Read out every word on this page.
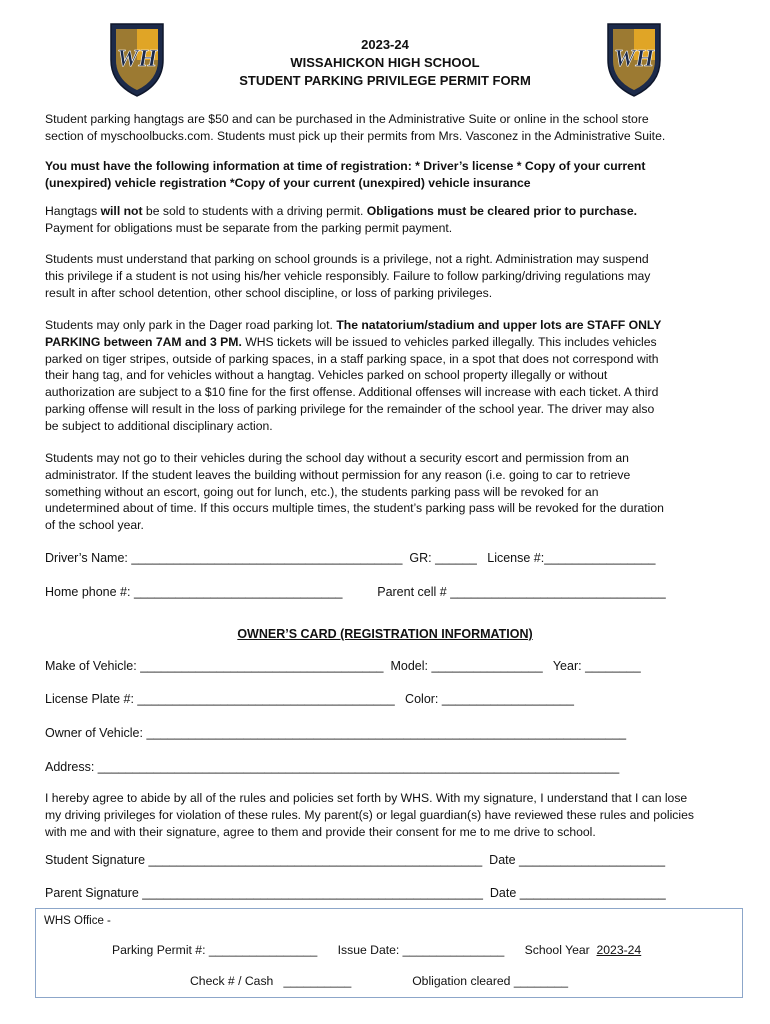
WH	WH
2023-24
WISSAHICKON HIGH SCHOOL
STUDENT PARKING PRIVILEGE PERMIT FORM
Student parking hangtags are $50 and can be purchased in the Administrative Suite or online in the school store
section of myschoolbucks.com. Students must pick up their permits from Mrs. Vasconez in the Administrative Suite.
You must have the following information at time of registration: * Driver’s license * Copy of your current
(unexpired) vehicle registration *Copy of your current (unexpired) vehicle insurance
Hangtags will not be sold to students with a driving permit. Obligations must be cleared prior to purchase.
Payment for obligations must be separate from the parking permit payment.
Students must understand that parking on school grounds is a privilege, not a right. Administration may suspend
this privilege if a student is not using his/her vehicle responsibly. Failure to follow parking/driving regulations may
result in after school detention, other school discipline, or loss of parking privileges.
Students may only park in the Dager road parking lot. The natatorium/stadium and upper lots are STAFF ONLY
PARKING between 7AM and 3 PM. WHS tickets will be issued to vehicles parked illegally. This includes vehicles
parked on tiger stripes, outside of parking spaces, in a staff parking space, in a spot that does not correspond with
their hang tag, and for vehicles without a hangtag. Vehicles parked on school property illegally or without
authorization are subject to a $10 fine for the first offense. Additional offenses will increase with each ticket. A third
parking offense will result in the loss of parking privilege for the remainder of the school year. The driver may also
be subject to additional disciplinary action.
Students may not go to their vehicles during the school day without a security escort and permission from an
administrator. If the student leaves the building without permission for any reason (i.e. going to car to retrieve
something without an escort, going out for lunch, etc.), the students parking pass will be revoked for an
undetermined about of time. If this occurs multiple times, the student’s parking pass will be revoked for the duration
of the school year.
Driver’s Name: _______________________________________  GR: ______   License #:________________
Home phone #: ______________________________          Parent cell # _______________________________
OWNER’S CARD (REGISTRATION INFORMATION)
Make of Vehicle: ___________________________________  Model: ________________   Year: ________
License Plate #: _____________________________________   Color: ___________________
Owner of Vehicle: _____________________________________________________________________
Address: ___________________________________________________________________________
I hereby agree to abide by all of the rules and policies set forth by WHS. With my signature, I understand that I can lose
my driving privileges for violation of these rules. My parent(s) or legal guardian(s) have reviewed these rules and policies
with me and with their signature, agree to them and provide their consent for me to me drive to school.
Student Signature ________________________________________________  Date _____________________
Parent Signature _________________________________________________  Date _____________________
WHS Office -
Parking Permit #: ________________      Issue Date: _______________      School Year  2023-24
Check # / Cash   __________                  Obligation cleared ________
